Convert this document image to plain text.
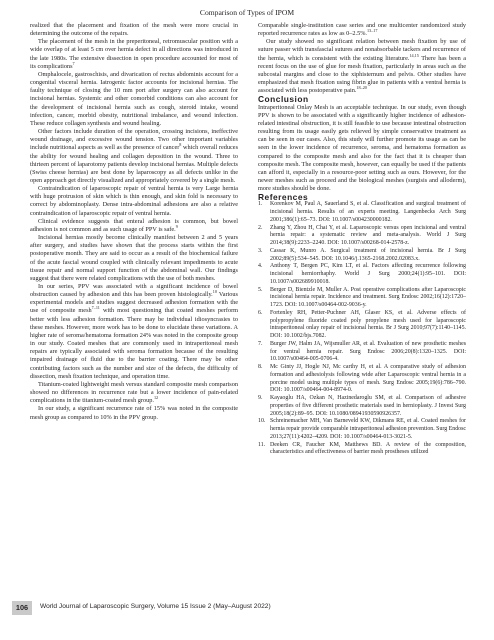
Comparison of Types of IPOM

realized that the placement and fixation of the mesh were more crucial in determining the outcome of the repairs.

The placement of the mesh in the preperitoneal, retromuscular position with a wide overlap of at least 5 cm over hernia defect in all directions was introduced in the late 1980s. The extensive dissection in open procedure accounted for most of its complications$^7$

Omphalocele, gastroschisis, and divarication of rectus abdominis account for a congenital visceral hernia. Iatrogenic factor accounts for incisional hernias. The faulty technique of closing the 10 mm port after surgery can also account for incisional hernias. Systemic and other comorbid conditions can also account for the development of incisional hernia such as cough, steroid intake, wound infection, cancer, morbid obesity, nutritional imbalance, and wound infection. These reduce collagen synthesis and wound healing.

Other factors include duration of the operation, crossing incisions, ineffective wound drainage, and excessive wound tension. Two other important variables include nutritional aspects as well as the presence of cancer$^8$ which overall reduces the ability for wound healing and collagen deposition in the wound. Three to thirteen percent of laparotomy patients develop incisional hernias. Multiple defects (Swiss cheese hernias) are best done by laparoscopy as all defects unlike in the open approach get directly visualized and appropriately covered by a single mesh.

Contraindication of laparoscopic repair of ventral hernia is very Large hernia with huge protrusion of skin which is thin enough, and skin fold is necessary to correct by abdominoplasty. Dense intra-abdominal adhesions are also a relative contraindication of laparoscopic repair of ventral hernia.

Clinical evidence suggests that enteral adhesion is common, but bowel adhesion is not common and as such usage of PPV is safe.$^9$

Incisional hernias mostly become clinically manifest between 2 and 5 years after surgery, and studies have shown that the process starts within the first postoperative month. They are said to occur as a result of the biochemical failure of the acute fascial wound coupled with clinically relevant impediments to acute tissue repair and normal support function of the abdominal wall. Our findings suggest that there were related complications with the use of both meshes.

In our series, PPV was associated with a significant incidence of bowel obstruction caused by adhesion and this has been proven histologically.$^{10}$ Various experimental models and studies suggest decreased adhesion formation with the use of composite mesh$^{7-11}$ with most questioning that coated meshes perform better with less adhesion formation. There may be individual idiosyncrasies to these meshes. However, more work has to be done to elucidate these variations. A higher rate of seroma/hematoma formation 24% was noted in the composite group in our study. Coated meshes that are commonly used in intraperitoneal mesh repairs are typically associated with seroma formation because of the resulting impaired drainage of fluid due to the barrier coating. There may be other contributing factors such as the number and size of the defects, the difficulty of dissection, mesh fixation technique, and operation time.

Titanium-coated lightweight mesh versus standard composite mesh comparison showed no differences in recurrence rate but a lower incidence of pain-related complications in the titanium-coated mesh group.$^{12}$

In our study, a significant recurrence rate of 15% was noted in the composite mesh group as compared to 10% in the PPV group.

Comparable single-institution case series and one multicenter randomized study reported recurrence rates as low as 0–2.5%.$^{13-17}$

Our study showed no significant relation between mesh fixation by use of suture passer with transfascial sutures and nonabsorbable tackers and recurrence of the hernia, which is consistent with the existing literature.$^{14,15}$ There has been a recent focus on the use of glue for mesh fixation, particularly in areas such as the subcostal margins and close to the xiphisternum and pelvis. Other studies have emphasized that mesh fixation using fibrin glue in patients with a ventral hernia is associated with less postoperative pain.$^{18-20}$

Conclusion

Intraperitoneal Onlay Mesh is an acceptable technique. In our study, even though PPV is shown to be associated with a significantly higher incidence of adhesion-related intestinal obstruction, it is still feasible to use because intestinal obstruction resulting from its usage easily gets relieved by simple conservative treatment as can be seen in our cases. Also, this study will further promote its usage as can be seen in the lower incidence of recurrence, seroma, and hematoma formation as compared to the composite mesh and also for the fact that it is cheaper than composite mesh. The composite mesh, however, can equally be used if the patients can afford it, especially in a resource-poor setting such as ours. However, for the newer meshes such as proceed and the biological meshes (surgisis and alloderm), more studies should be done.

References

1. Korenkov M, Paul A, Sauerland S, et al. Classification and surgical treatment of incisional hernia. Results of an experts meeting. Langenbecks Arch Surg 2001;386(1):65–73. DOI: 10.1007/s004230000182.
2. Zhang Y, Zhou H, Chai Y, et al. Laparoscopic versus open incisional and ventral hernia repair: a systematic review and meta-analysis. World J Surg 2014;38(9):2233–2240. DOI: 10.1007/s00268-014-2578-z.
3. Cassar K, Munro A. Surgical treatment of incisional hernia. Br J Surg 2002;89(5):534–545. DOI: 10.1046/j.1365-2168.2002.02083.x.
4. Anthony T, Bergen PC, Kim LT, et al. Factors affecting recurrence following incisional herniorrhaphy. World J Surg 2000;24(1):95–101. DOI: 10.1007/s002689910018.
5. Berger D, Bientzle M, Muller A. Post operative complications after Laparoscopic incisional hernia repair. Incidence and treatment. Surg Endosc 2002;16(12):1720–1723. DOI: 10.1007/s00464-002-9036-y.
6. Fortenley RH, Petter-Puchner AH, Glaser KS, et al. Adverse effects of polypropylene fluoride coated poly propylene mesh used for laparoscopic intraperitoneal onlay repair of incisional hernia. Br J Surg 2010;97(7):1140–1145. DOI: 10.1002/bjs.7082.
7. Burger JW, Halm JA, Wijsmuller AR, et al. Evaluation of new prosthetic meshes for ventral hernia repair. Surg Endosc 2006;20(8):1320–1325. DOI: 10.1007/s00464-005-0706-4.
8. Mc Ginty JJ, Hogle NJ, Mc carthy H, et al. A comparative study of adhesion formation and adhesiolysis following wide after Laparoscopic ventral hernia in a porcine model using multiple types of mesh. Surg Endosc 2005;19(6):786–790. DOI: 10.1007/s00464-004-8974-0.
9. Kayaoglu HA, Ozkan N, Hazinedaroglu SM, et al. Comparison of adhesive properties of five different prosthetic materials used in hernioplasty. J Invest Surg 2005;18(2):89–95. DOI: 10.1080/08941930590926357.
10. Schreinemacher MH, Van Barneveld KW, Dikmans RE, et al. Coated meshes for hernia repair provide comparable intraperitoneal adhesion prevention. Surg Endosc 2013;27(11):4202–4209. DOI: 10.1007/s00464-013-3021-5.
11. Deeken CR, Faucher KM, Matthews BD. A review of the composition, characteristics and effectiveness of barrier mesh prostheses utilized
106	World Journal of Laparoscopic Surgery, Volume 15 Issue 2 (May–August 2022)
